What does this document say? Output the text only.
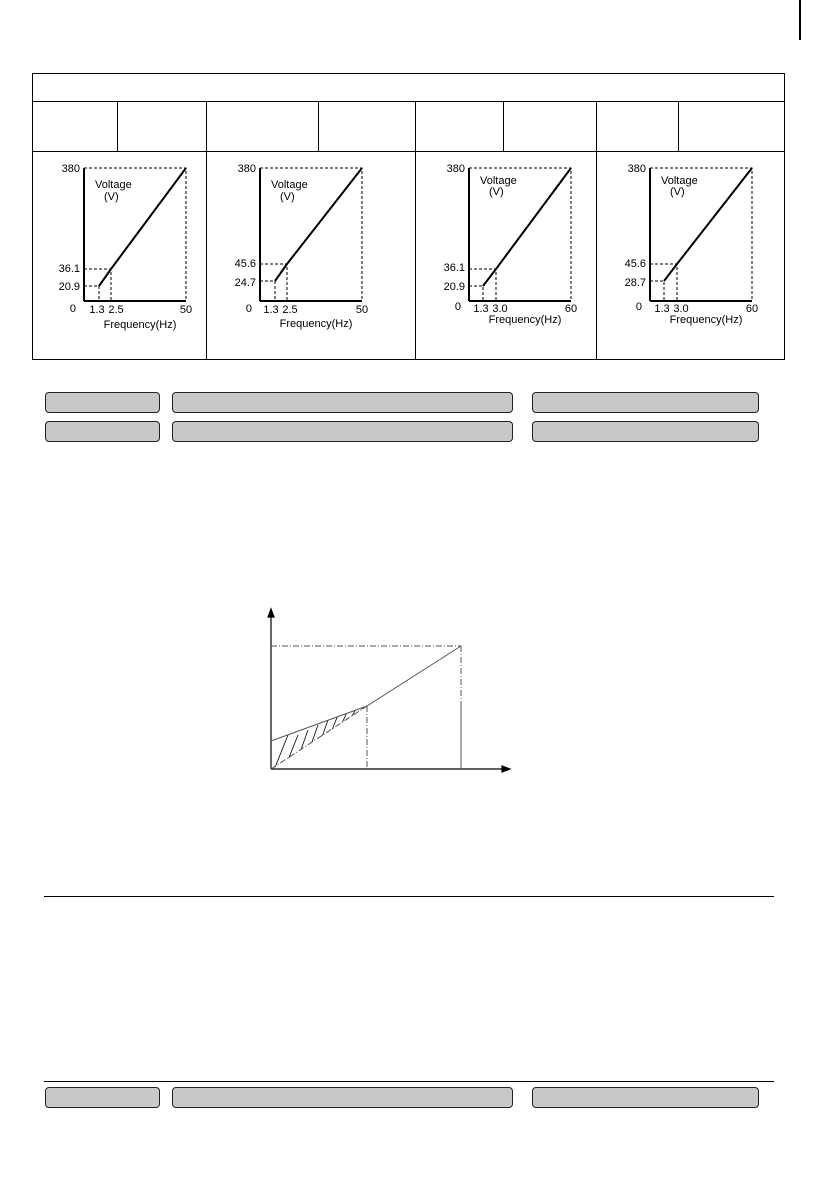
380
36.1
20.9
0 1.3 2.5	50
Voltage
(V)
Frequency(Hz)
380
45.6
24.7
0 1.3 2.5	50
Voltage
(V)
Frequency(Hz)
380
36.1
20.9
0 1.3 3.0	60
Voltage
(V)
Frequency(Hz)
380
45.6
28.7
0 1.3 3.0	60
Voltage
(V)
Frequency(Hz)
